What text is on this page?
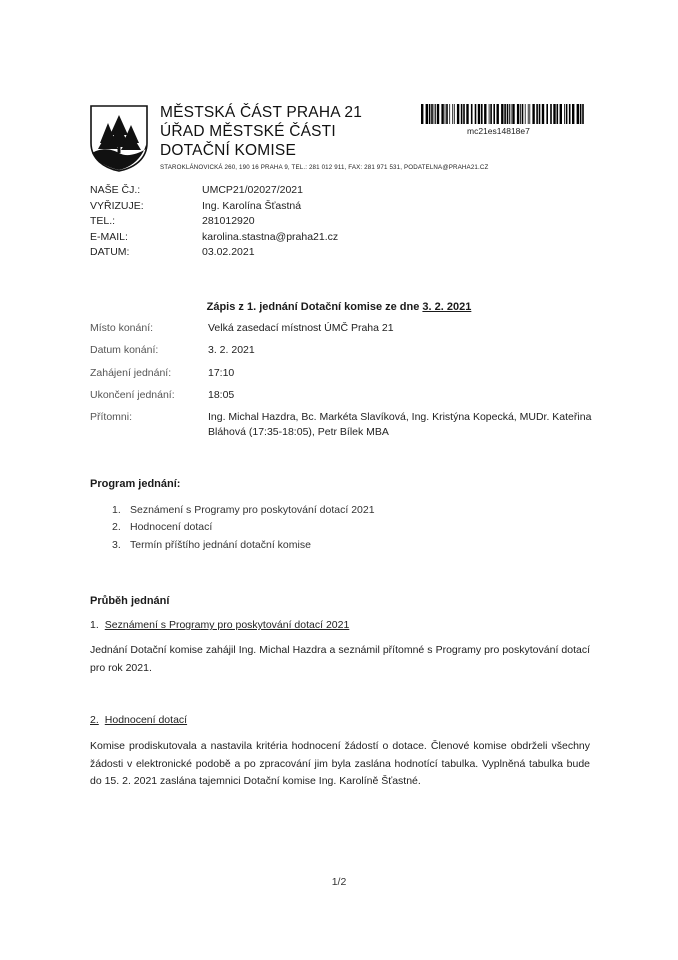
MĚSTSKÁ ČÁST PRAHA 21
ÚŘAD MĚSTSKÉ ČÁSTI
DOTAČNÍ KOMISE
STAROKLÁNOVICKÁ 260, 190 16 PRAHA 9, TEL.: 281 012 911, FAX: 281 971 531, PODATELNA@PRAHA21.CZ
mc21es14818e7
NAŠE ČJ.:	UMCP21/02027/2021
VYŘIZUJE:	Ing. Karolína Šťastná
TEL.:	281012920
E-MAIL:	karolina.stastna@praha21.cz
DATUM:	03.02.2021
Zápis z 1. jednání Dotační komise ze dne 3. 2. 2021
Místo konání:	Velká zasedací místnost ÚMČ Praha 21
Datum konání:	3. 2. 2021
Zahájení jednání:	17:10
Ukončení jednání:	18:05
Přítomni:	Ing. Michal Hazdra, Bc. Markéta Slavíková, Ing. Kristýna Kopecká, MUDr. Kateřina Bláhová (17:35-18:05), Petr Bílek MBA
Program jednání:
1. Seznámení s Programy pro poskytování dotací 2021
2. Hodnocení dotací
3. Termín příštího jednání dotační komise
Průběh jednání
1. Seznámení s Programy pro poskytování dotací 2021
Jednání Dotační komise zahájil Ing. Michal Hazdra a seznámil přítomné s Programy pro poskytování dotací pro rok 2021.
2. Hodnocení dotací
Komise prodiskutovala a nastavila kritéria hodnocení žádostí o dotace. Členové komise obdrželi všechny žádosti v elektronické podobě a po zpracování jim byla zaslána hodnotící tabulka. Vyplněná tabulka bude do 15. 2. 2021 zaslána tajemnici Dotační komise Ing. Karolíně Šťastné.
1/2
